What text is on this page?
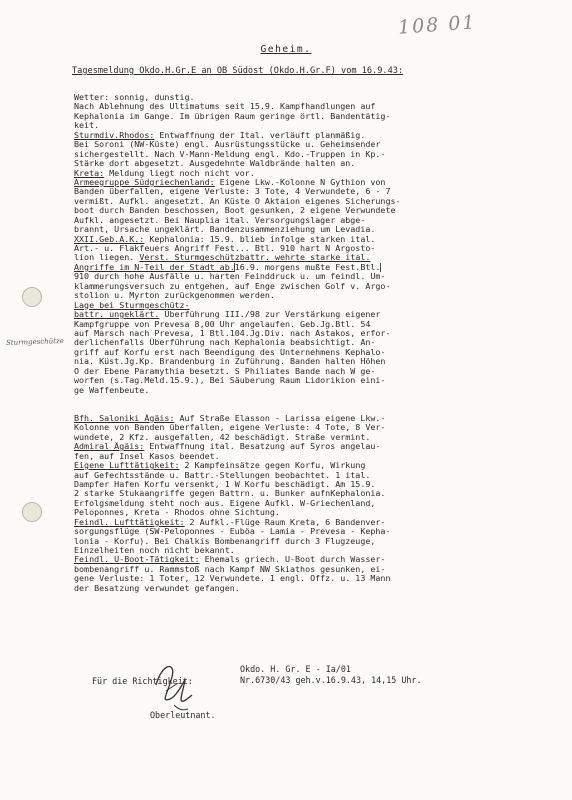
108 01
Geheim.
Tagesmeldung Okdo.H.Gr.E an OB Südost (Okdo.H.Gr.F) vom 16.9.43:
Sturmgeschütze
Wetter: sonnig, dunstig.
Nach Ablehnung des Ultimatums seit 15.9. Kampfhandlungen auf
Kephalonia im Gange. Im übrigen Raum geringe örtl. Bandentätig-
keit.
Sturmdiv.Rhodos: Entwaffnung der Ital. verläuft planmäßig.
Bei Soroni (NW-Küste) engl. Ausrüstungsstücke u. Geheimsender
sichergestellt. Nach V-Mann-Meldung engl. Kdo.-Truppen in Kp.-
Stärke dort abgesetzt. Ausgedehnte Waldbrände halten an.
Kreta: Meldung liegt noch nicht vor.
Armeegruppe Südgriechenland: Eigene Lkw.-Kolonne N Gythion von
Banden überfallen, eigene Verluste: 3 Tote, 4 Verwundete, 6 - 7
vermißt. Aufkl. angesetzt. An Küste O Aktaion eigenes Sicherungs-
boot durch Banden beschossen, Boot gesunken, 2 eigene Verwundete
Aufkl. angesetzt. Bei Nauplia ital. Versorgungslager abge-
brannt, Ursache ungeklärt. Bandenzusammenziehung um Levadia.
XXII.Geb.A.K.: Kephalonia: 15.9. blieb infolge starken ital.
Art.- u. Flakfeuers Angriff Fest... Btl. 910 hart N Argosto-
lion liegen. Verst. Sturmgeschützbattr. wehrte starke ital.
Angriffe im N-Teil der Stadt ab.16.9. morgens mußte Fest.Btl.
910 durch hohe Ausfälle u. harten Feinddruck u. um feindl. Um-
klammerungsversuch zu entgehen, auf Enge zwischen Golf v. Argo-
stolion u. Myrton zurückgenommen werden.
Lage bei Sturmgeschütz-
battr. ungeklärt. Überführung III./98 zur Verstärkung eigener
Kampfgruppe von Prevesa 8,00 Uhr angelaufen. Geb.Jg.Btl. 54
auf Marsch nach Prevesa, 1 Btl.104.Jg.Div. nach Astakos, erfor-
derlichenfalls Überführung nach Kephalonia beabsichtigt. An-
griff auf Korfu erst nach Beendigung des Unternehmens Kephalo-
nia. Küst.Jg.Kp. Brandenburg in Zuführung. Banden halten Höhen
O der Ebene Paramythia besetzt. S Philiates Bande nach W ge-
worfen (s.Tag.Meld.15.9.), Bei Säuberung Raum Lidorikion eini-
ge Waffenbeute.
Bfh. Saloniki Ägäis: Auf Straße Elasson - Larissa eigene Lkw.-
Kolonne von Banden überfallen, eigene Verluste: 4 Tote, 8 Ver-
wundete, 2 Kfz. ausgefallen, 42 beschädigt. Straße vermint.
Admiral Ägäis: Entwaffnung ital. Besatzung auf Syros angelau-
fen, auf Insel Kasos beendet.
Eigene Lufttätigkeit: 2 Kampfeinsätze gegen Korfu, Wirkung
auf Gefechtsstände u. Battr.-Stellungen beobachtet. 1 ital.
Dampfer Hafen Korfu versenkt, 1 W Korfu beschädigt. Am 15.9.
2 starke Stukaangriffe gegen Battrn. u. Bunker aufnKephalonia.
Erfolgsmeldung steht noch aus. Eigene Aufkl. W-Griechenland,
Peloponnes, Kreta - Rhodos ohne Sichtung.
Feindl. Lufttätigkeit: 2 Aufkl.-Flüge Raum Kreta, 6 Bandenver-
sorgungsflüge (SW-Peloponnes - Euböa - Lamia - Prevesa - Kepha-
lonia - Korfu). Bei Chalkis Bombenangriff durch 3 Flugzeuge,
Einzelheiten noch nicht bekannt.
Feindl. U-Boot-Tätigkeit: Ehemals griech. U-Boot durch Wasser-
bombenangriff u. Rammstoß nach Kampf NW Skiathos gesunken, ei-
gene Verluste: 1 Toter, 12 Verwundete. 1 engl. Offz. u. 13 Mann
der Besatzung verwundet gefangen.
Okdo. H. Gr. E - Ia/01
Nr.6730/43 geh.v.16.9.43, 14,15 Uhr.
Für die Richtigkeit:
Oberleutnant.
